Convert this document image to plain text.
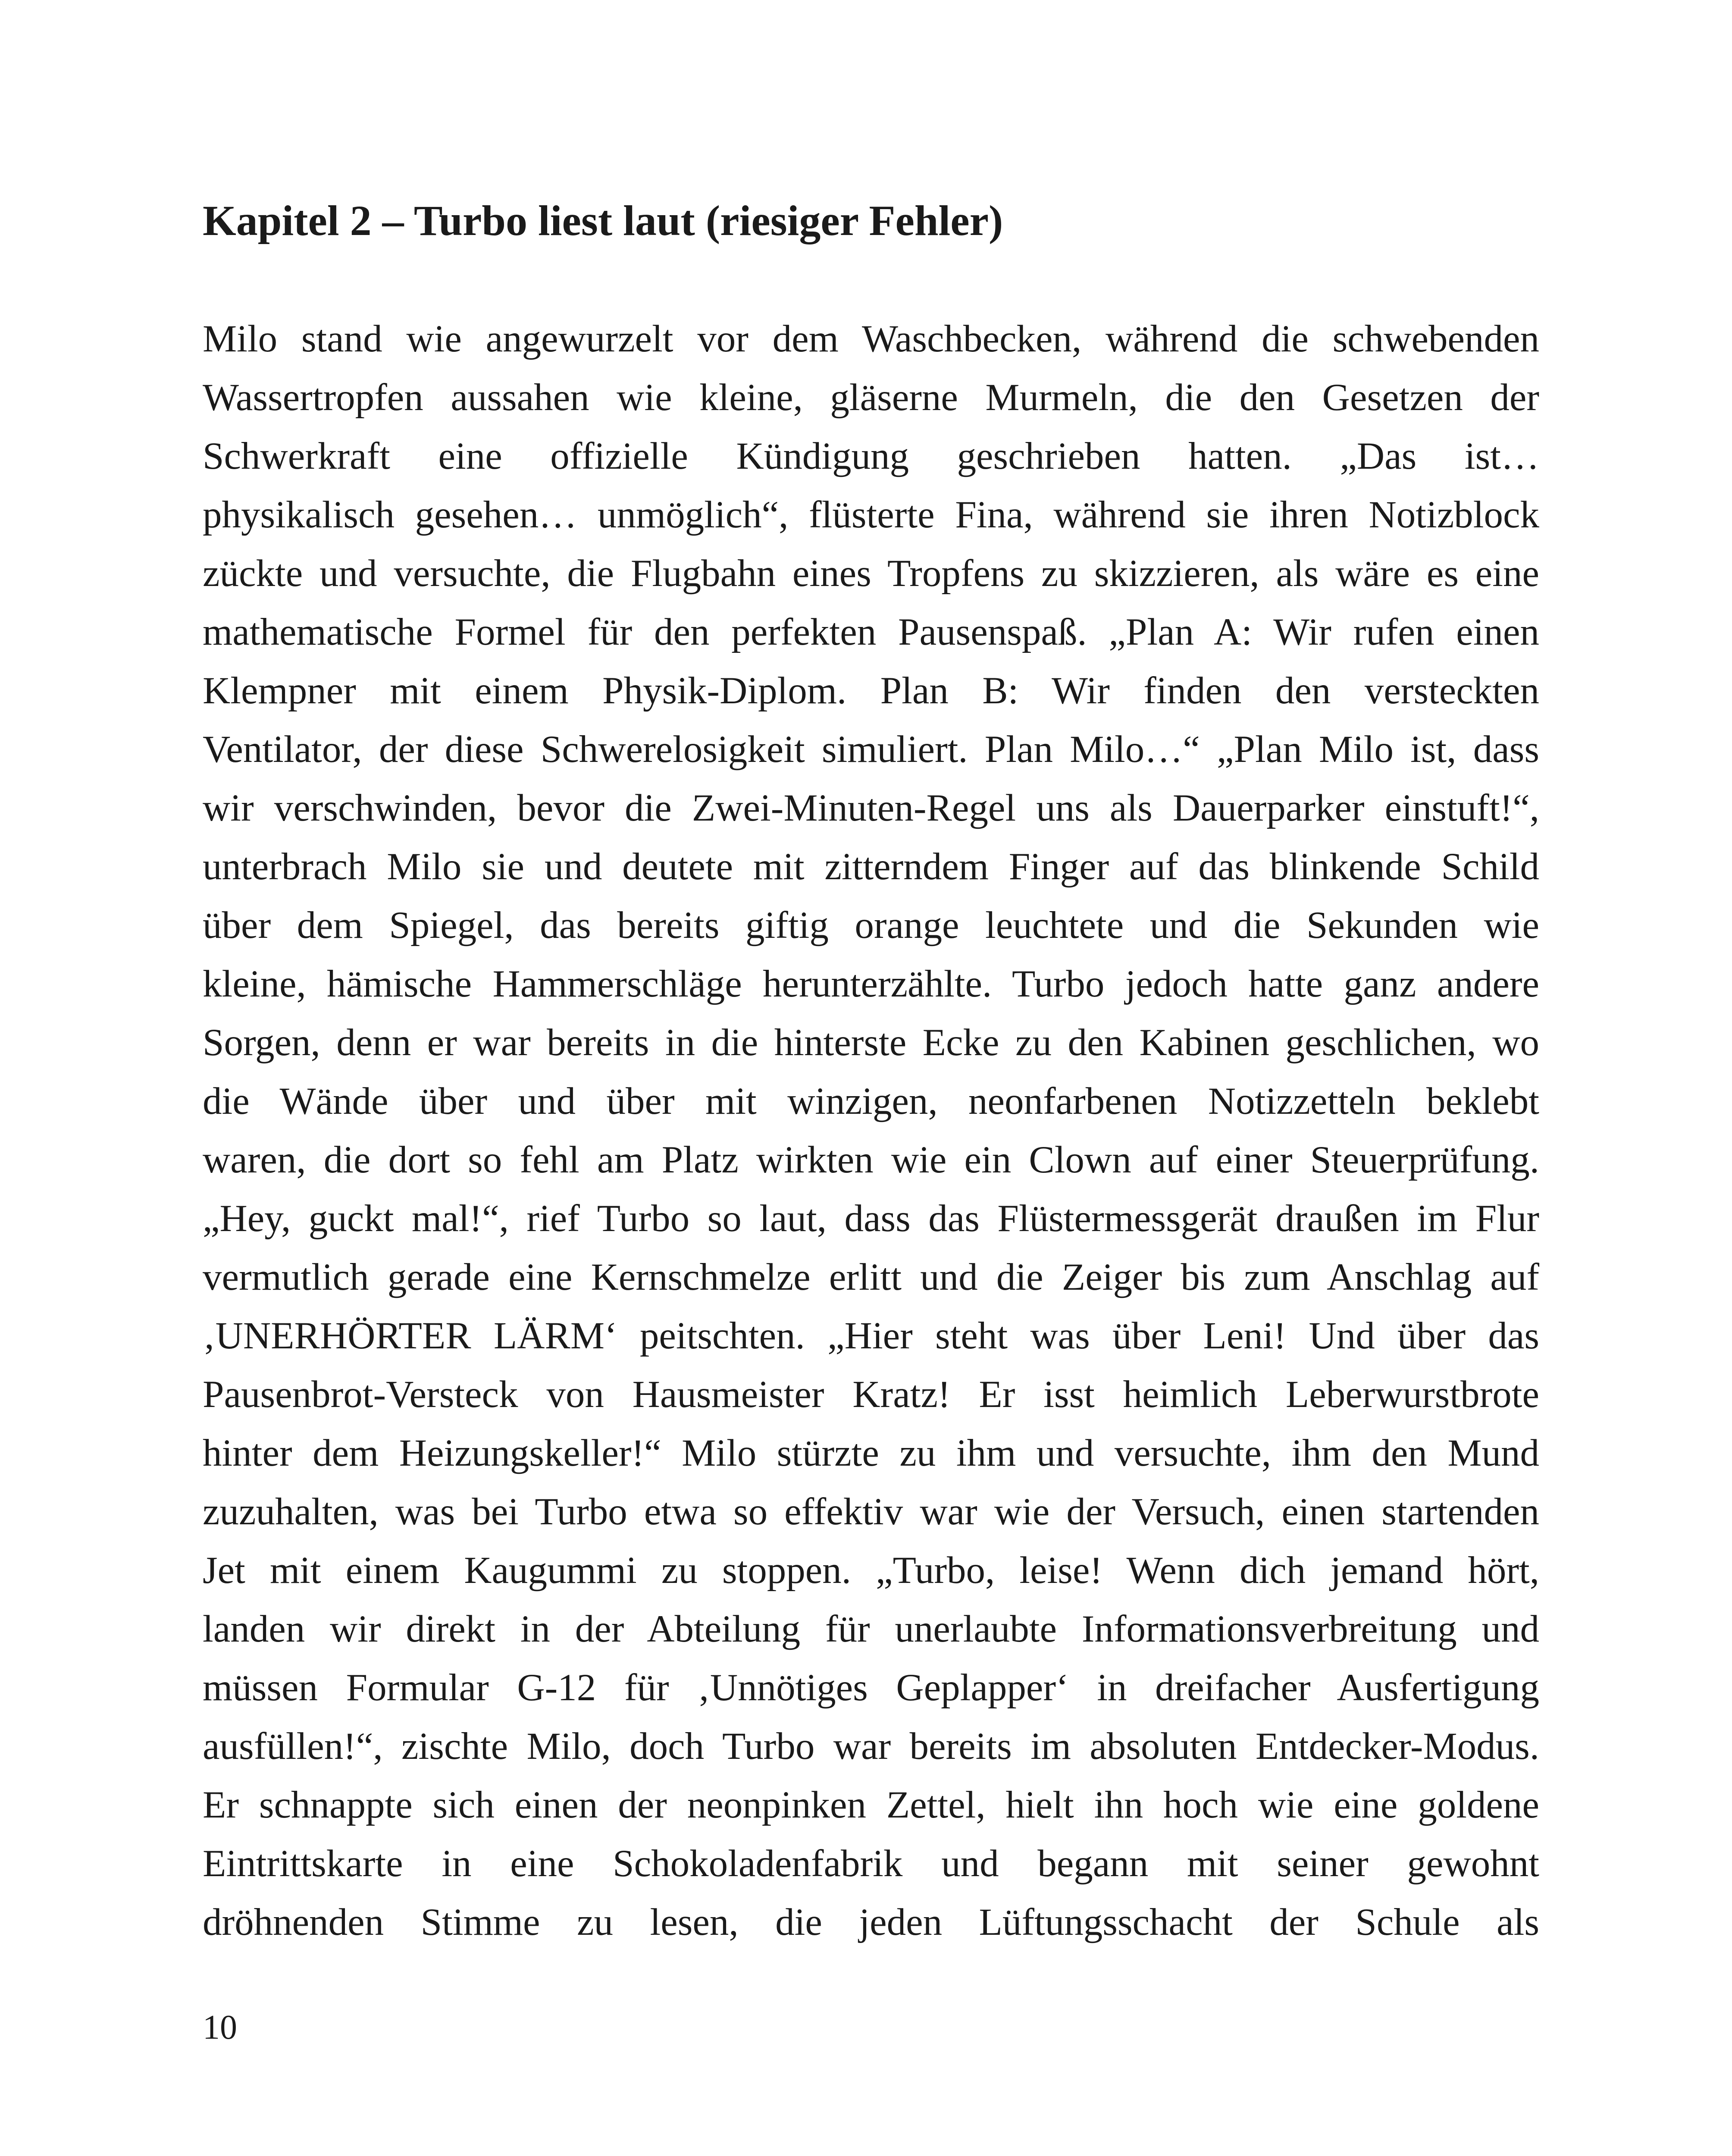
Kapitel 2 – Turbo liest laut (riesiger Fehler)
Milo stand wie angewurzelt vor dem Waschbecken, während die schwebenden
Wassertropfen aussahen wie kleine, gläserne Murmeln, die den Gesetzen der
Schwerkraft eine offizielle Kündigung geschrieben hatten. „Das ist…
physikalisch gesehen… unmöglich“, flüsterte Fina, während sie ihren Notizblock
zückte und versuchte, die Flugbahn eines Tropfens zu skizzieren, als wäre es eine
mathematische Formel für den perfekten Pausenspaß. „Plan A: Wir rufen einen
Klempner mit einem Physik-Diplom. Plan B: Wir finden den versteckten
Ventilator, der diese Schwerelosigkeit simuliert. Plan Milo…“ „Plan Milo ist, dass
wir verschwinden, bevor die Zwei-Minuten-Regel uns als Dauerparker einstuft!“,
unterbrach Milo sie und deutete mit zitterndem Finger auf das blinkende Schild
über dem Spiegel, das bereits giftig orange leuchtete und die Sekunden wie
kleine, hämische Hammerschläge herunterzählte. Turbo jedoch hatte ganz andere
Sorgen, denn er war bereits in die hinterste Ecke zu den Kabinen geschlichen, wo
die Wände über und über mit winzigen, neonfarbenen Notizzetteln beklebt
waren, die dort so fehl am Platz wirkten wie ein Clown auf einer Steuerprüfung.
„Hey, guckt mal!“, rief Turbo so laut, dass das Flüstermessgerät draußen im Flur
vermutlich gerade eine Kernschmelze erlitt und die Zeiger bis zum Anschlag auf
‚UNERHÖRTER LÄRM‘ peitschten. „Hier steht was über Leni! Und über das
Pausenbrot-Versteck von Hausmeister Kratz! Er isst heimlich Leberwurstbrote
hinter dem Heizungskeller!“ Milo stürzte zu ihm und versuchte, ihm den Mund
zuzuhalten, was bei Turbo etwa so effektiv war wie der Versuch, einen startenden
Jet mit einem Kaugummi zu stoppen. „Turbo, leise! Wenn dich jemand hört,
landen wir direkt in der Abteilung für unerlaubte Informationsverbreitung und
müssen Formular G-12 für ‚Unnötiges Geplapper‘ in dreifacher Ausfertigung
ausfüllen!“, zischte Milo, doch Turbo war bereits im absoluten Entdecker-Modus.
Er schnappte sich einen der neonpinken Zettel, hielt ihn hoch wie eine goldene
Eintrittskarte in eine Schokoladenfabrik und begann mit seiner gewohnt
dröhnenden Stimme zu lesen, die jeden Lüftungsschacht der Schule als
10
